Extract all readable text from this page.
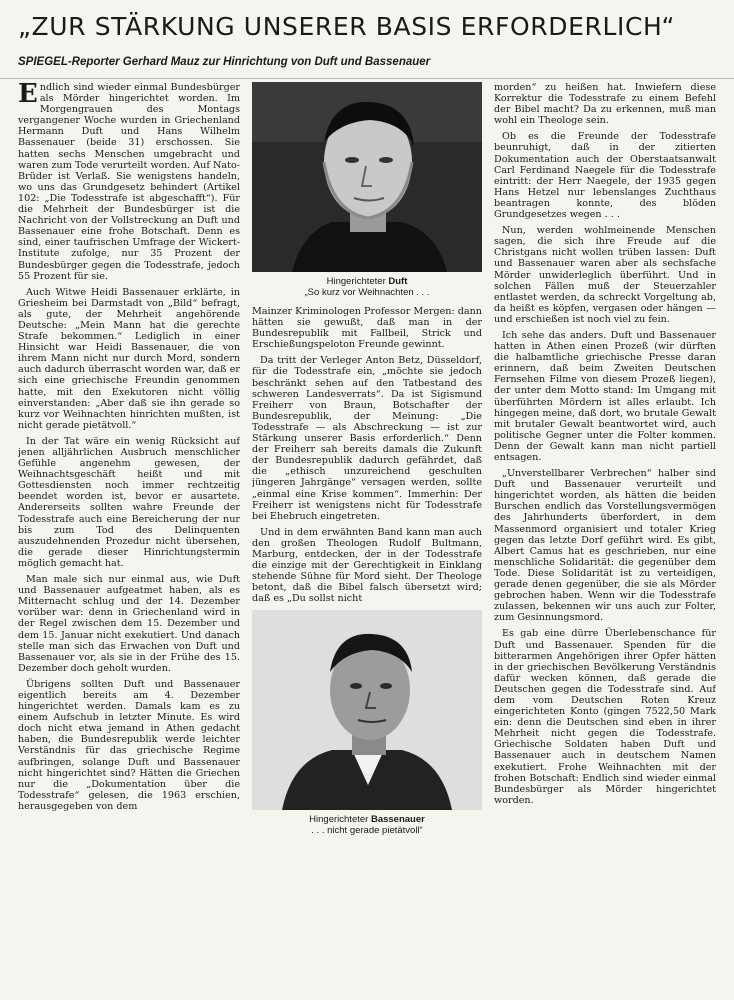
„ZUR STÄRKUNG UNSERER BASIS ERFORDERLICH“
SPIEGEL-Reporter Gerhard Mauz zur Hinrichtung von Duft und Bassenauer

Endlich sind wieder einmal Bundesbürger als Mörder hingerichtet worden. Im Morgengrauen des Montags vergangener Woche wurden in Griechenland Hermann Duft und Hans Wilhelm Bassenauer (beide 31) erschossen. Sie hatten sechs Menschen umgebracht und waren zum Tode verurteilt worden. Auf Nato-Brüder ist Verlaß. Sie wenigstens handeln, wo uns das Grundgesetz behindert (Artikel 102: „Die Todesstrafe ist abgeschafft“). Für die Mehrheit der Bundesbürger ist die Nachricht von der Vollstreckung an Duft und Bassenauer eine frohe Botschaft. Denn es sind, einer taufrischen Umfrage der Wickert-Institute zufolge, nur 35 Prozent der Bundesbürger gegen die Todesstrafe, jedoch 55 Prozent für sie.

Auch Witwe Heidi Bassenauer erklärte, in Griesheim bei Darmstadt von „Bild“ befragt, als gute, der Mehrheit angehörende Deutsche: „Mein Mann hat die gerechte Strafe bekommen.“ Lediglich in einer Hinsicht war Heidi Bassenauer, die von ihrem Mann nicht nur durch Mord, sondern auch dadurch überrascht worden war, daß er sich eine griechische Freundin genommen hatte, mit den Exekutoren nicht völlig einverstanden: „Aber daß sie ihn gerade so kurz vor Weihnachten hinrichten mußten, ist nicht gerade pietätvoll.“

In der Tat wäre ein wenig Rücksicht auf jenen alljährlichen Ausbruch menschlicher Gefühle angenehm gewesen, der Weihnachtsgeschäft heißt und mit Gottesdiensten noch immer rechtzeitig beendet worden ist, bevor er ausartete. Andererseits sollten wahre Freunde der Todesstrafe auch eine Bereicherung der nur bis zum Tod des Delinquenten auszudehnenden Prozedur nicht übersehen, die gerade dieser Hinrichtungstermin möglich gemacht hat.

Man male sich nur einmal aus, wie Duft und Bassenauer aufgeatmet haben, als es Mitternacht schlug und der 14. Dezember vorüber war: denn in Griechenland wird in der Regel zwischen dem 15. Dezember und dem 15. Januar nicht exekutiert. Und danach stelle man sich das Erwachen von Duft und Bassenauer vor, als sie in der Frühe des 15. Dezember doch geholt wurden.

Übrigens sollten Duft und Bassenauer eigentlich bereits am 4. Dezember hingerichtet werden. Damals kam es zu einem Aufschub in letzter Minute. Es wird doch nicht etwa jemand in Athen gedacht haben, die Bundesrepublik werde leichter Verständnis für das griechische Regime aufbringen, solange Duft und Bassenauer nicht hingerichtet sind? Hätten die Griechen nur die „Dokumentation über die Todesstrafe“ gelesen, die 1963 erschien, herausgegeben von dem

Hingerichteter Duft
„So kurz vor Weihnachten . . .

Mainzer Kriminologen Professor Mergen: dann hätten sie gewußt, daß man in der Bundesrepublik mit Fallbeil, Strick und Erschießungspeloton Freunde gewinnt.

Da tritt der Verleger Anton Betz, Düsseldorf, für die Todesstrafe ein, „möchte sie jedoch beschränkt sehen auf den Tatbestand des schweren Landesverrats“. Da ist Sigismund Freiherr von Braun, Botschafter der Bundesrepublik, der Meinung: „Die Todesstrafe — als Abschreckung — ist zur Stärkung unserer Basis erforderlich.“ Denn der Freiherr sah bereits damals die Zukunft der Bundesrepublik dadurch gefährdet, daß die „ethisch unzureichend geschulten jüngeren Jahrgänge“ versagen werden, sollte „einmal eine Krise kommen“. Immerhin: Der Freiherr ist wenigstens nicht für Todesstrafe bei Ehebruch eingetreten.

Und in dem erwähnten Band kann man auch den großen Theologen Rudolf Bultmann, Marburg, entdecken, der in der Todesstrafe die einzige mit der Gerechtigkeit in Einklang stehende Sühne für Mord sieht. Der Theologe betont, daß die Bibel falsch übersetzt wird; daß es „Du sollst nicht

Hingerichteter Bassenauer
. . . nicht gerade pietätvoll“

morden“ zu heißen hat. Inwiefern diese Korrektur die Todesstrafe zu einem Befehl der Bibel macht? Da zu erkennen, muß man wohl ein Theologe sein.

Ob es die Freunde der Todesstrafe beunruhigt, daß in der zitierten Dokumentation auch der Oberstaatsanwalt Carl Ferdinand Naegele für die Todesstrafe eintritt: der Herr Naegele, der 1935 gegen Hans Hetzel nur lebenslanges Zuchthaus beantragen konnte, des blöden Grundgesetzes wegen . . .

Nun, werden wohlmeinende Menschen sagen, die sich ihre Freude auf die Christgans nicht wollen trüben lassen: Duft und Bassenauer waren aber als sechsfache Mörder unwiderleglich überführt. Und in solchen Fällen muß der Steuerzahler entlastet werden, da schreckt Vorgeltung ab, da heißt es köpfen, vergasen oder hängen — und erschießen ist noch viel zu fein.

Ich sehe das anders. Duft und Bassenauer hatten in Athen einen Prozeß (wir dürften die halbamtliche griechische Presse daran erinnern, daß beim Zweiten Deutschen Fernsehen Filme von diesem Prozeß liegen), der unter dem Motto stand: Im Umgang mit überführten Mördern ist alles erlaubt. Ich hingegen meine, daß dort, wo brutale Gewalt mit brutaler Gewalt beantwortet wird, auch politische Gegner unter die Folter kommen. Denn der Gewalt kann man nicht partiell entsagen.

„Unverstellbarer Verbrechen“ halber sind Duft und Bassenauer verurteilt und hingerichtet worden, als hätten die beiden Burschen endlich das Vorstellungsvermögen des Jahrhunderts überfordert, in dem Massenmord organisiert und totaler Krieg gegen das letzte Dorf geführt wird. Es gibt, Albert Camus hat es geschrieben, nur eine menschliche Solidarität: die gegenüber dem Tode. Diese Solidarität ist zu verteidigen, gerade denen gegenüber, die sie als Mörder gebrochen haben. Wenn wir die Todesstrafe zulassen, bekennen wir uns auch zur Folter, zum Gesinnungsmord.

Es gab eine dürre Überlebenschance für Duft und Bassenauer. Spenden für die bitterarmen Angehörigen ihrer Opfer hätten in der griechischen Bevölkerung Verständnis dafür wecken können, daß gerade die Deutschen gegen die Todesstrafe sind. Auf dem vom Deutschen Roten Kreuz eingerichteten Konto (gingen 7522,50 Mark ein: denn die Deutschen sind eben in ihrer Mehrheit nicht gegen die Todesstrafe. Griechische Soldaten haben Duft und Bassenauer auch in deutschem Namen exekutiert. Frohe Weihnachten mit der frohen Botschaft: Endlich sind wieder einmal Bundesbürger als Mörder hingerichtet worden.
